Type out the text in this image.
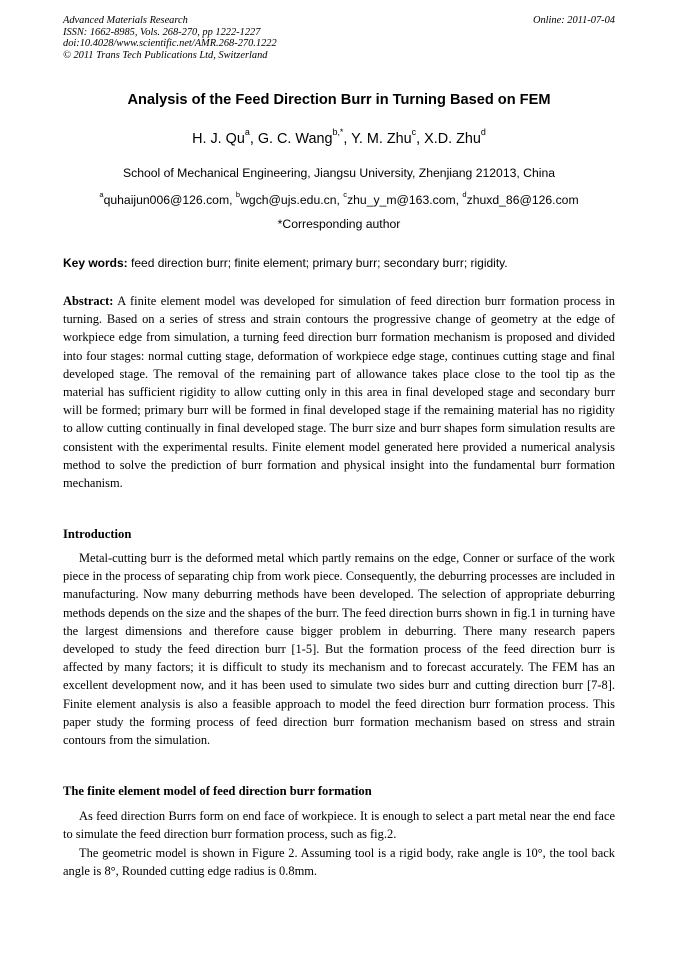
Advanced Materials Research
ISSN: 1662-8985, Vols. 268-270, pp 1222-1227
doi:10.4028/www.scientific.net/AMR.268-270.1222
© 2011 Trans Tech Publications Ltd, Switzerland
Online: 2011-07-04
Analysis of the Feed Direction Burr in Turning Based on FEM
H. J. Qu$^a$, G. C. Wang$^{b,*}$, Y. M. Zhu$^c$, X.D. Zhu$^d$
School of Mechanical Engineering, Jiangsu University, Zhenjiang 212013, China
$^a$quhaijun006@126.com, $^b$wgch@ujs.edu.cn, $^c$zhu_y_m@163.com, $^d$zhuxd_86@126.com
*Corresponding author
Key words: feed direction burr; finite element; primary burr; secondary burr; rigidity.

Abstract: A finite element model was developed for simulation of feed direction burr formation process in turning. Based on a series of stress and strain contours the progressive change of geometry at the edge of workpiece edge from simulation, a turning feed direction burr formation mechanism is proposed and divided into four stages: normal cutting stage, deformation of workpiece edge stage, continues cutting stage and final developed stage. The removal of the remaining part of allowance takes place close to the tool tip as the material has sufficient rigidity to allow cutting only in this area in final developed stage and secondary burr will be formed; primary burr will be formed in final developed stage if the remaining material has no rigidity to allow cutting continually in final developed stage. The burr size and burr shapes form simulation results are consistent with the experimental results. Finite element model generated here provided a numerical analysis method to solve the prediction of burr formation and physical insight into the fundamental burr formation mechanism.

Introduction

Metal-cutting burr is the deformed metal which partly remains on the edge, Conner or surface of the work piece in the process of separating chip from work piece. Consequently, the deburring processes are included in manufacturing. Now many deburring methods have been developed. The selection of appropriate deburring methods depends on the size and the shapes of the burr. The feed direction burrs shown in fig.1 in turning have the largest dimensions and therefore cause bigger problem in deburring. There many research papers developed to study the feed direction burr [1-5]. But the formation process of the feed direction burr is affected by many factors; it is difficult to study its mechanism and to forecast accurately. The FEM has an excellent development now, and it has been used to simulate two sides burr and cutting direction burr [7-8]. Finite element analysis is also a feasible approach to model the feed direction burr formation process. This paper study the forming process of feed direction burr formation mechanism based on stress and strain contours from the simulation.

The finite element model of feed direction burr formation

As feed direction Burrs form on end face of workpiece. It is enough to select a part metal near the end face to simulate the feed direction burr formation process, such as fig.2.

The geometric model is shown in Figure 2. Assuming tool is a rigid body, rake angle is 10°, the tool back angle is 8°, Rounded cutting edge radius is 0.8mm.
